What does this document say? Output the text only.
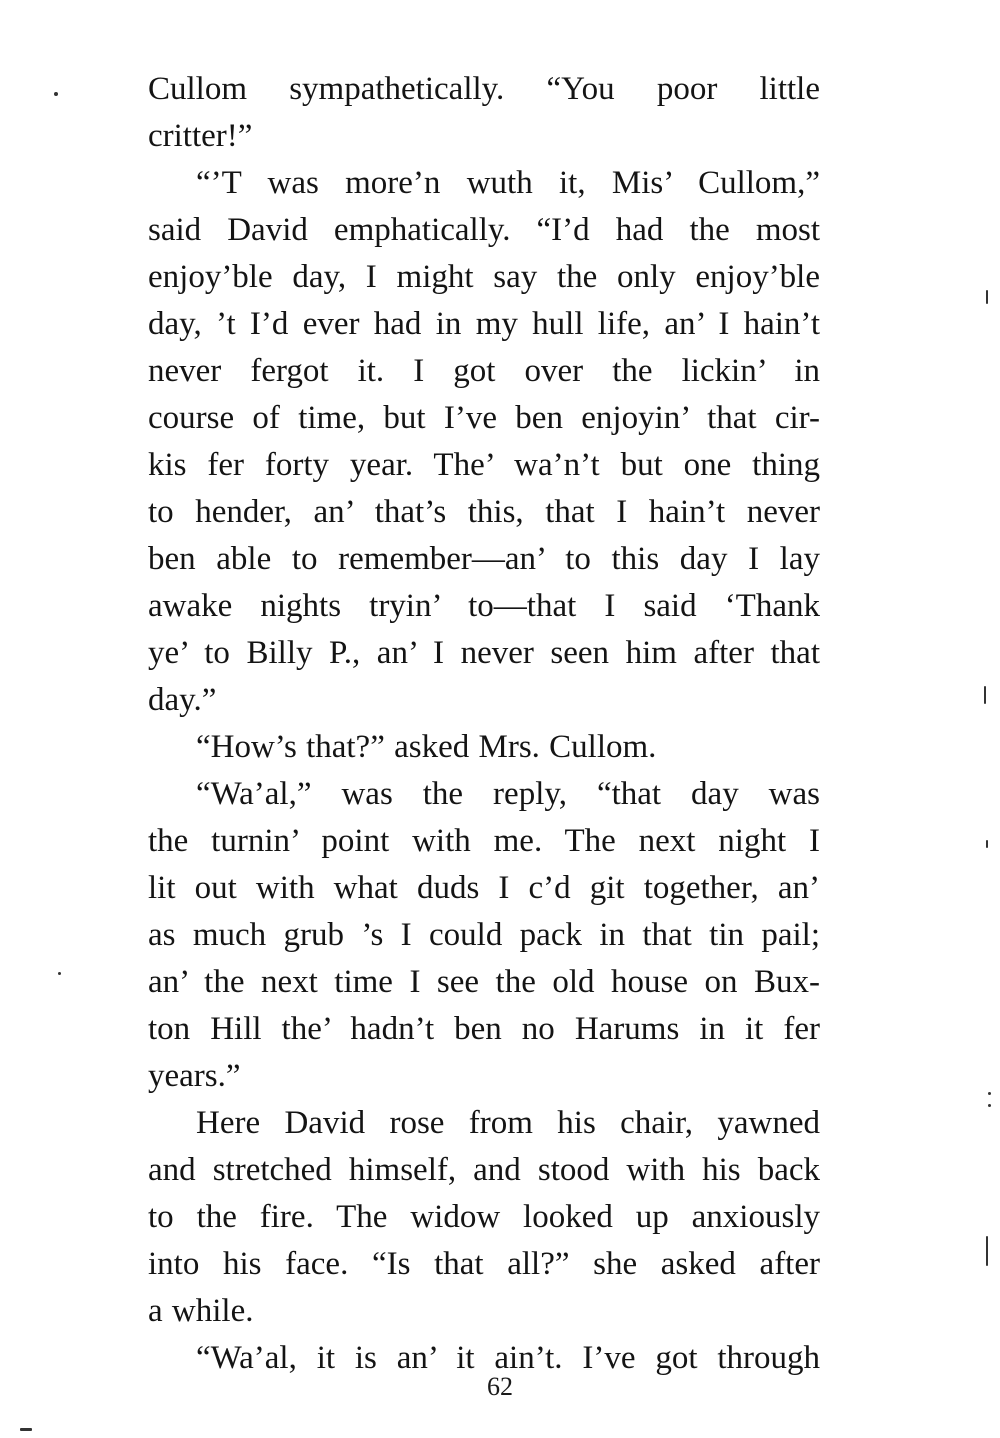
Cullom sympathetically. “You poor little
critter!”
“’T was more’n wuth it, Mis’ Cullom,”
said David emphatically. “I’d had the most
enjoy’ble day, I might say the only enjoy’ble
day, ’t I’d ever had in my hull life, an’ I hain’t
never fergot it. I got over the lickin’ in
course of time, but I’ve ben enjoyin’ that cir-
kis fer forty year. The’ wa’n’t but one thing
to hender, an’ that’s this, that I hain’t never
ben able to remember—an’ to this day I lay
awake nights tryin’ to—that I said ‘Thank
ye’ to Billy P., an’ I never seen him after that
day.”
“How’s that?” asked Mrs. Cullom.
“Wa’al,” was the reply, “that day was
the turnin’ point with me. The next night I
lit out with what duds I c’d git together, an’
as much grub ’s I could pack in that tin pail;
an’ the next time I see the old house on Bux-
ton Hill the’ hadn’t ben no Harums in it fer
years.”
Here David rose from his chair, yawned
and stretched himself, and stood with his back
to the fire. The widow looked up anxiously
into his face. “Is that all?” she asked after
a while.
“Wa’al, it is an’ it ain’t. I’ve got through
62
